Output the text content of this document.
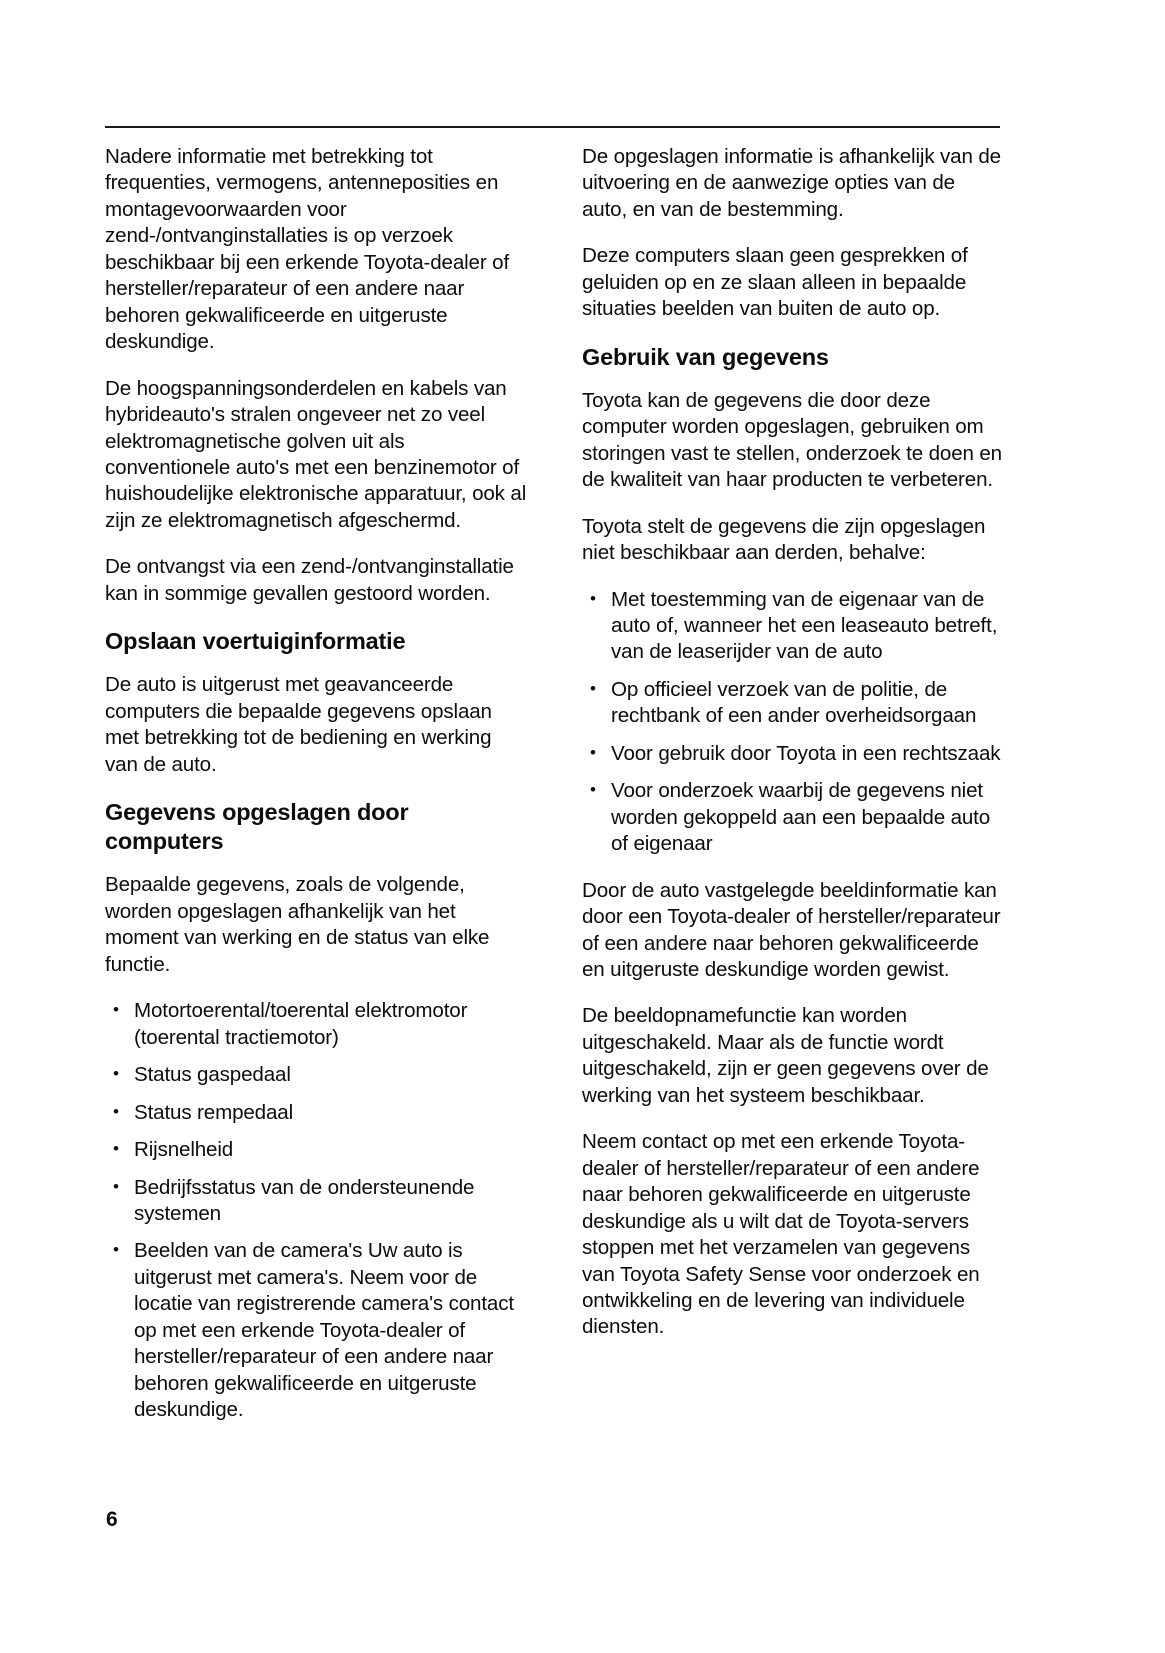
Nadere informatie met betrekking tot frequenties, vermogens, antenneposities en montagevoorwaarden voor zend-/ontvanginstallaties is op verzoek beschikbaar bij een erkende Toyota-dealer of hersteller/reparateur of een andere naar behoren gekwalificeerde en uitgeruste deskundige.

De hoogspanningsonderdelen en kabels van hybrideauto's stralen ongeveer net zo veel elektromagnetische golven uit als conventionele auto's met een benzinemotor of huishoudelijke elektronische apparatuur, ook al zijn ze elektromagnetisch afgeschermd.

De ontvangst via een zend-/ontvanginstallatie kan in sommige gevallen gestoord worden.

Opslaan voertuiginformatie

De auto is uitgerust met geavanceerde computers die bepaalde gegevens opslaan met betrekking tot de bediening en werking van de auto.

Gegevens opgeslagen door computers

Bepaalde gegevens, zoals de volgende, worden opgeslagen afhankelijk van het moment van werking en de status van elke functie.

• Motortoerental/toerental elektromotor (toerental tractiemotor)
• Status gaspedaal
• Status rempedaal
• Rijsnelheid
• Bedrijfsstatus van de ondersteunende systemen
• Beelden van de camera's Uw auto is uitgerust met camera's. Neem voor de locatie van registrerende camera's contact op met een erkende Toyota-dealer of hersteller/reparateur of een andere naar behoren gekwalificeerde en uitgeruste deskundige.

De opgeslagen informatie is afhankelijk van de uitvoering en de aanwezige opties van de auto, en van de bestemming.

Deze computers slaan geen gesprekken of geluiden op en ze slaan alleen in bepaalde situaties beelden van buiten de auto op.

Gebruik van gegevens

Toyota kan de gegevens die door deze computer worden opgeslagen, gebruiken om storingen vast te stellen, onderzoek te doen en de kwaliteit van haar producten te verbeteren.

Toyota stelt de gegevens die zijn opgeslagen niet beschikbaar aan derden, behalve:

• Met toestemming van de eigenaar van de auto of, wanneer het een leaseauto betreft, van de leaserijder van de auto
• Op officieel verzoek van de politie, de rechtbank of een ander overheidsorgaan
• Voor gebruik door Toyota in een rechtszaak
• Voor onderzoek waarbij de gegevens niet worden gekoppeld aan een bepaalde auto of eigenaar

Door de auto vastgelegde beeldinformatie kan door een Toyota-dealer of hersteller/reparateur of een andere naar behoren gekwalificeerde en uitgeruste deskundige worden gewist.

De beeldopnamefunctie kan worden uitgeschakeld. Maar als de functie wordt uitgeschakeld, zijn er geen gegevens over de werking van het systeem beschikbaar.

Neem contact op met een erkende Toyota-dealer of hersteller/reparateur of een andere naar behoren gekwalificeerde en uitgeruste deskundige als u wilt dat de Toyota-servers stoppen met het verzamelen van gegevens van Toyota Safety Sense voor onderzoek en ontwikkeling en de levering van individuele diensten.

6
